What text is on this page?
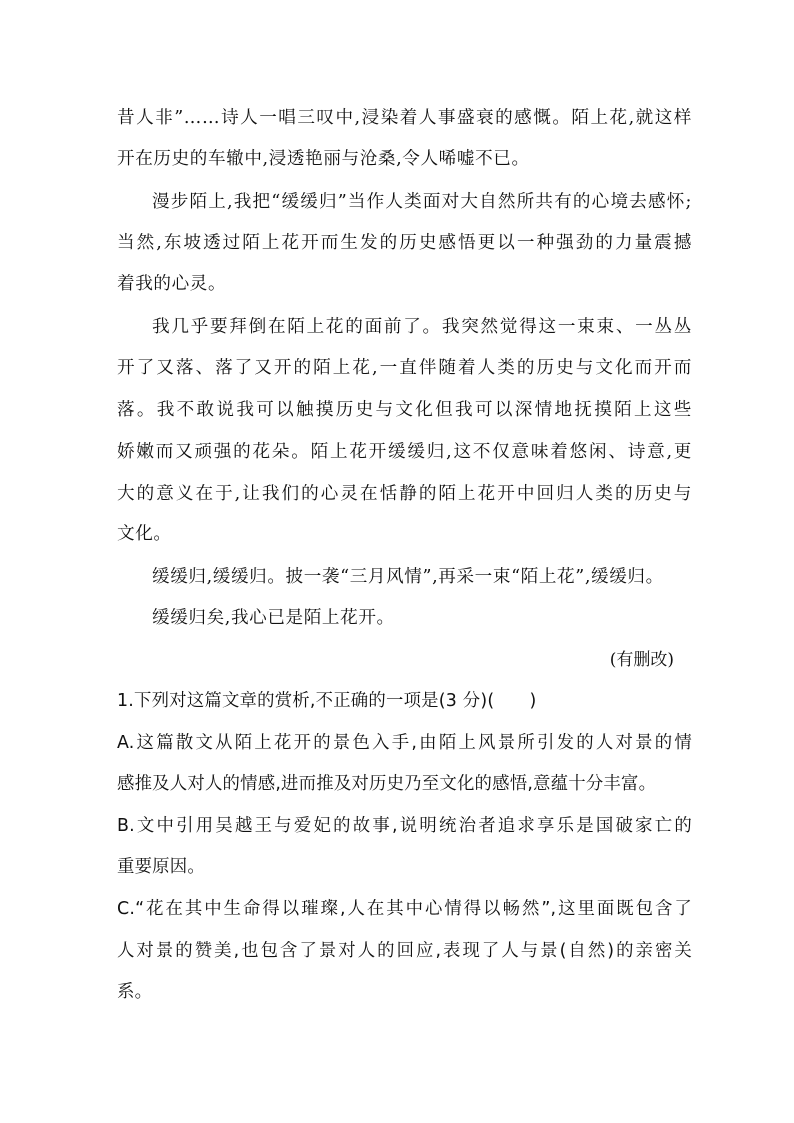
昔人非”……诗人一唱三叹中,浸染着人事盛衰的感慨。陌上花,就这样
开在历史的车辙中,浸透艳丽与沧桑,令人唏嘘不已。
漫步陌上,我把“缓缓归”当作人类面对大自然所共有的心境去感怀;
当然,东坡透过陌上花开而生发的历史感悟更以一种强劲的力量震撼
着我的心灵。
我几乎要拜倒在陌上花的面前了。我突然觉得这一束束、一丛丛
开了又落、落了又开的陌上花,一直伴随着人类的历史与文化而开而
落。我不敢说我可以触摸历史与文化但我可以深情地抚摸陌上这些
娇嫩而又顽强的花朵。陌上花开缓缓归,这不仅意味着悠闲、诗意,更
大的意义在于,让我们的心灵在恬静的陌上花开中回归人类的历史与
文化。
缓缓归,缓缓归。披一袭“三月风情”,再采一束“陌上花”,缓缓归。
缓缓归矣,我心已是陌上花开。
(有删改)
1.下列对这篇文章的赏析,不正确的一项是(3 分)(　　)
A.这篇散文从陌上花开的景色入手,由陌上风景所引发的人对景的情
感推及人对人的情感,进而推及对历史乃至文化的感悟,意蕴十分丰富。
B.文中引用吴越王与爱妃的故事,说明统治者追求享乐是国破家亡的
重要原因。
C.“花在其中生命得以璀璨,人在其中心情得以畅然”,这里面既包含了
人对景的赞美,也包含了景对人的回应,表现了人与景(自然)的亲密关
系。
